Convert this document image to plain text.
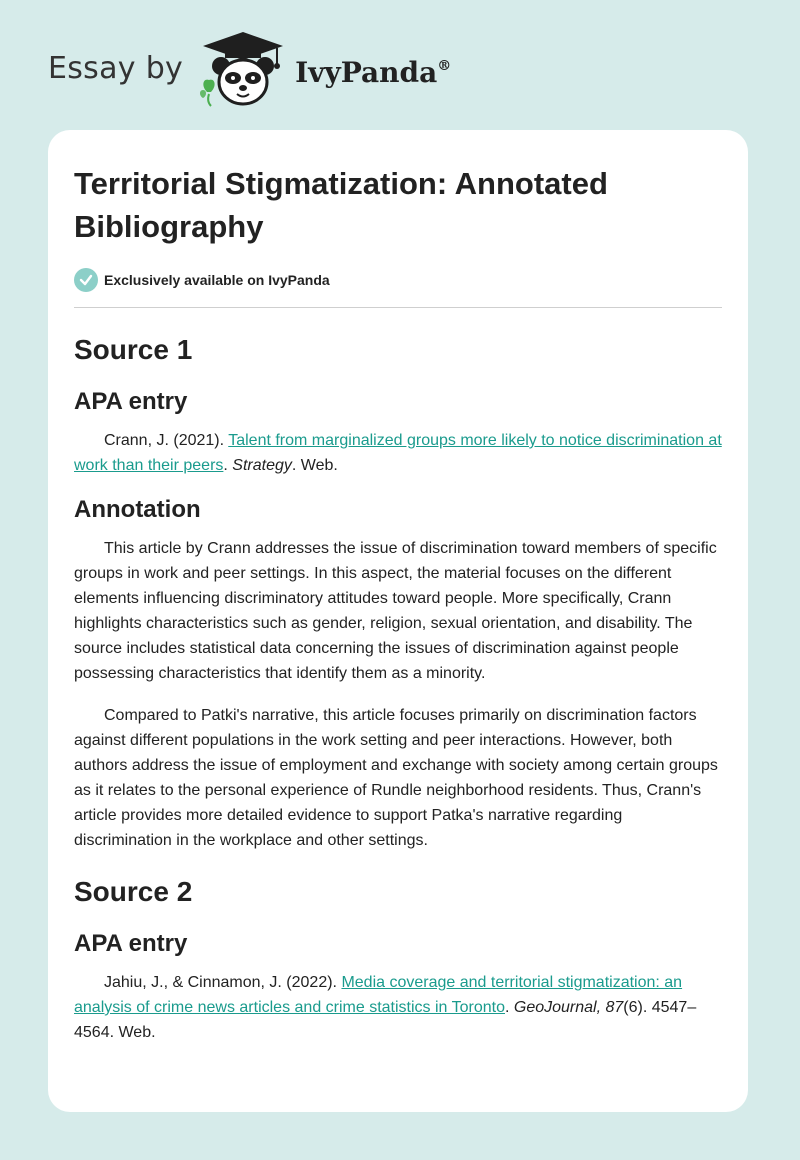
Essay by	IvyPanda®
Territorial Stigmatization: Annotated Bibliography
Exclusively available on IvyPanda
Source 1
APA entry

Crann, J. (2021). Talent from marginalized groups more likely to notice discrimination at work than their peers. Strategy. Web.

Annotation

This article by Crann addresses the issue of discrimination toward members of specific groups in work and peer settings. In this aspect, the material focuses on the different elements influencing discriminatory attitudes toward people. More specifically, Crann highlights characteristics such as gender, religion, sexual orientation, and disability. The source includes statistical data concerning the issues of discrimination against people possessing characteristics that identify them as a minority.

Compared to Patki's narrative, this article focuses primarily on discrimination factors against different populations in the work setting and peer interactions. However, both authors address the issue of employment and exchange with society among certain groups as it relates to the personal experience of Rundle neighborhood residents. Thus, Crann's article provides more detailed evidence to support Patka's narrative regarding discrimination in the workplace and other settings.

Source 2
APA entry

Jahiu, J., & Cinnamon, J. (2022). Media coverage and territorial stigmatization: an analysis of crime news articles and crime statistics in Toronto. GeoJournal, 87(6). 4547–4564. Web.
